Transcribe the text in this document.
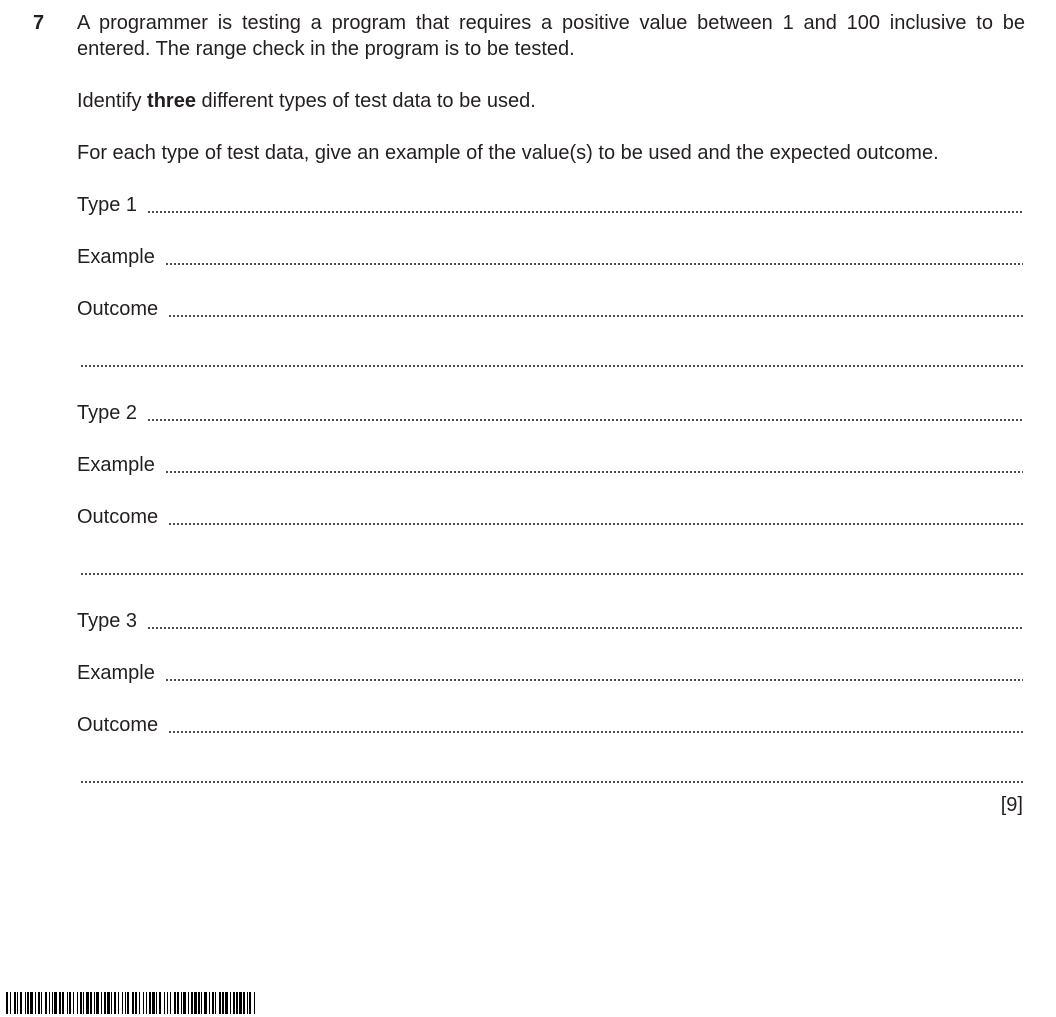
7 A programmer is testing a program that requires a positive value between 1 and 100 inclusive to be entered. The range check in the program is to be tested.
Identify three different types of test data to be used.
For each type of test data, give an example of the value(s) to be used and the expected outcome.
Type 1
Example
Outcome
Type 2
Example
Outcome
Type 3
Example
Outcome
[9]
